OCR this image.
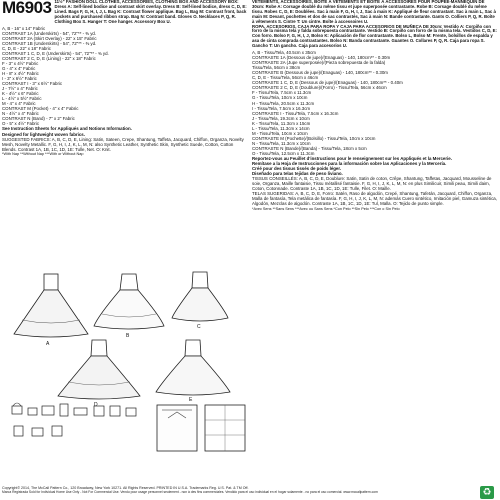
M6903 11½" FASHION DOLL CLOTHES, ACCESSORIES, CLOTHING BOX AND ACCESSORY BOX: Dress A: Self-lined bodice and contrast skirt overlay. Dress B: Self-lined bodice, dress C, D, E: Lined. Bags F, G, H, I, J, L Bag K: Contrast flower applique. Bag L, Bag M: Contrast front, back pockets and purchased ribbon strap. Bag N: Contrast band. Gloves O. Necklaces P, Q, R. Clothing Box S. Hanger T: One hanger. Accessory Box U.
A, B - 16" x 14" Fabric
CONTRAST 1A (Underskirts) - 54", 72"** - ⅜ yd.
CONTRAST 2A (Skirt Overlay) - 22" x 15" Fabric
CONTRAST 1B (Underskirts) - 54", 72"** - ⅜ yd.
C, D, E - 22" x 18" Fabric
CONTRAST 1 C, D, E (Underskirts) - 54", 72"** - ⅜ yd.
CONTRAST 2 C, D, E (Lining) - 22" x 18" Fabric
F - 3" x 4½" Fabric
G - 4" x 4" Fabric
H - 8" x 4½" Fabric
I - 3" x 6½" Fabric
CONTRAST I - 3" x 6½" Fabric
J - 7½" x 4" Fabric
K - 4½" x 6" Fabric
L - 4½" x 5½" Fabric
M - 4" x 4" Fabric
CONTRAST M (Pocket) - 4" x 4" Fabric
N - 4½" x 4" Fabric
CONTRAST N (Band) - 7" x 2" Fabric
O - 5" x 4½" Fabric
See Instruction Sheets for Appliqués and Notions Information.
Designed for lightweight woven fabrics.
SUGGESTED FABRICS: A, B, C, D, E, Lining: Satin, Sateen, Crepe, Shantung, Taffeta, Jacquard, Chiffon, Organza, Novelty Mesh, Novelty Metallic. F, G, H, I, J, K, L, M, N: also Synthetic Leather, Synthetic Skin, Synthetic Suede, Cotton, Cotton Blends. Contrast 1A, 1B, 1C, 1D, 1E: Tulle, Net. O: Knit.
*With Nap **Without Nap ***With or Without Nap
A
B
C
D
E
VÊTEMENTS, ACCESSOIRES, BOÎTE À VÊTEMENTS ET BOÎTE À ACCESSOIRES POUR POUPÉE-MANNEQUIN DE 30cm: Robe A: Corsage doublé du même tissu et jupe superposée contrastante. Robe B: Corsage doublé du même tissu. Robes C, D, E: Doublées. Sac à main F, G, H, I, J, Sac à main K: Appliqué de fleur contrastant. Sac à main L, Sac à main M: Devant, pochettes et dos de sac contrastés, Sac à main N: Bande contrastante. Gants O. Colliers P, Q, R. Boîte à vêtements S. Cintre T: Un cintre. Boîte à accessoires U.
ROPA, ACCESORIOS, CAJA PARA ROPA Y CAJA PARA ACCESORIOS DE MUÑECA DE 30cm: Vestido A: Corpiño con forro de la misma tela y falda sobrepuesta contrastante. Vestido B: Corpiño con forro de la misma tela. Vestidos C, D, E: Con forro. Bolso F, G, H, I, J, Bolso K: Aplicación de flor contrastante. Bolso L, Bolso M: Frente, bolsillos de espalda y asa de cinta comprada contrastantes. Bolso N: Banda contrastante. Guantes O. Collares P, Q, R. Caja para ropa S. Gancho T: Un gancho. Caja para accesorios U.
A, B - Tissu/Tela, 40.5cm x 35cm
CONTRASTE 1A (Dessous de jupe)/(Enaguas) - 140, 180cm** - 0.30m
CONTRASTE 2A (Jupe superposée)/(Pieza sobrepuesta de la falda)
Tissu/Tela, 56cm x 38cm
CONTRASTE B (Dessous de jupe)/(Enaguas) - 140, 180cm** - 0.30m
C, D, E - Tissu/Tela, 56cm x 46cm
CONTRASTE 1 C, D, E (Dessous de jupe)/(Enaguas) - 140, 180cm** - 0.40m
CONTRASTE 2 C, D, E (Doublure)/(Forro) - Tissu/Tela, 56cm x 46cm
F - Tissu/Tela, 7.5cm x 11.3cm
G - Tissu/Tela, 10cm x 10cm
H - Tissu/Tela, 20.5cm x 11.3cm
I - Tissu/Tela, 7.5cm x 16.3cm
CONTRASTE I - Tissu/Tela, 7.5cm x 16.3cm
J - Tissu/Tela, 19.3cm x 10cm
K - Tissu/Tela, 11.3cm x 15cm
L - Tissu/Tela, 11.3cm x 14cm
M - Tissu/Tela, 10cm x 10cm
CONTRASTE M (Pochette)/(Bolsillo) - Tissu/Tela, 10cm x 10cm
N - Tissu/Tela, 11.3cm x 10cm
CONTRASTE N (Bande)/(Banda) - Tissu/Tela, 18cm x 5cm
O - Tissu/Tela, 12.5cm x 11.3cm
Reportez-vous au Feuillet d'instructions pour le renseignement sur les Appliqués et la Mercerie.
Remítase a la Hoja de Instrucciones para la información sobre las Aplicaciones y la Mercería.
Créé pour des tissus tissés de poids léger.
Diseñado para telas tejidas de peso liviano.
TISSUS CONSEILLÉS: A, B, C, D, E, Doublure: Satin, Satin de coton, Crêpe, Shantung, Taffetas, Jacquard, Mousseline de soie, Organza, Maille fantaisie, Tissu métallisé fantaisie. F, G, H, I, J, K, L, M, N: en plus Similicuir, Simili peau, Simili daim, Coton, Cotonnade. Contraste 1A, 1B, 1C, 1D, 1E: Tulle, Filet. O: Maille.
TELAS SUGERIDAS: A, B, C, D, E, Forro: Satén, Raso de algodón, Crepé, Shantung, Tafetán, Jacquard, Chiffon, Organza, Malla de fantasía, Tela metálica de fantasía. F, G, H, I, J, K, L, M, N: además Cuero sintético, Imitación piel, Gamuza sintética, Algodón, Mezclas de algodón. Contraste 1A, 1B, 1C, 1D, 1E: Tul, Malla. O: Tejido de punto simple.
*Avec Sens **Sans Sens ***Avec ou Sans Sens *Con Pelo **Sin Pelo ***Con o Sin Pelo
Copyright© 2014, The McCall Pattern Co., 120 Broadway, New York 10271. All Rights Reserved. PRINTED IN U.S.A. Trademarks Reg. U.S. Pat. & TM Off.
Marca Registrada Sold for Individual Home Use Only - Not For Commercial Use. Vendu pour usage personnel seulement - non à des fins commerciales. Vendido para el uso individual en el hogar solamente - no para el uso comercial. www.mccallpattern.com	♻
